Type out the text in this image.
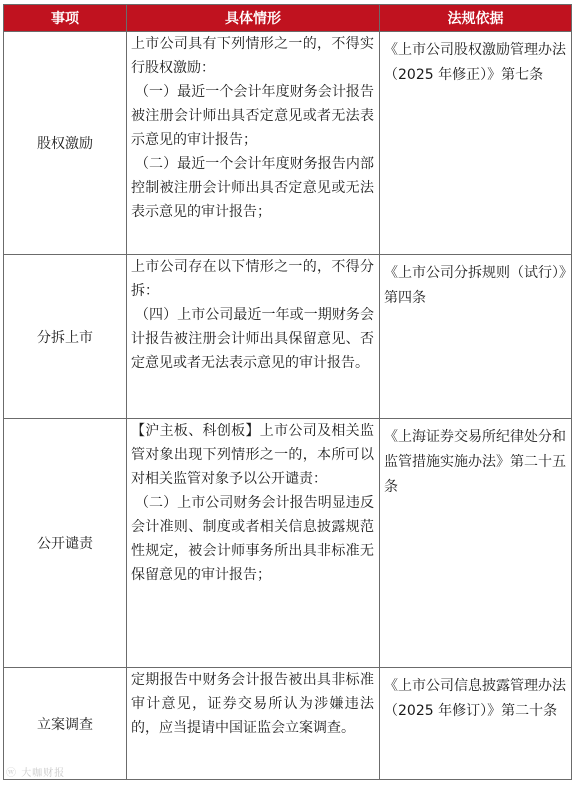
事项	具体情形	法规依据
股权激励	上市公司具有下列情形之一的，不得实行股权激励：
（一）最近一个会计年度财务会计报告被注册会计师出具否定意见或者无法表示意见的审计报告；
（二）最近一个会计年度财务报告内部控制被注册会计师出具否定意见或无法表示意见的审计报告；	《上市公司股权激励管理办法（2025 年修正）》第七条
分拆上市	上市公司存在以下情形之一的，不得分拆：
（四）上市公司最近一年或一期财务会计报告被注册会计师出具保留意见、否定意见或者无法表示意见的审计报告。	《上市公司分拆规则（试行）》第四条
公开谴责	【沪主板、科创板】上市公司及相关监管对象出现下列情形之一的，本所可以对相关监管对象予以公开谴责：
（二）上市公司财务会计报告明显违反会计准则、制度或者相关信息披露规范性规定，被会计师事务所出具非标准无保留意见的审计报告；	《上海证券交易所纪律处分和监管措施实施办法》第二十五条
立案调查	定期报告中财务会计报告被出具非标准审计意见，证券交易所认为涉嫌违法的，应当提请中国证监会立案调查。	《上市公司信息披露管理办法（2025 年修订）》第二十条
ⓦ 大咖财报
